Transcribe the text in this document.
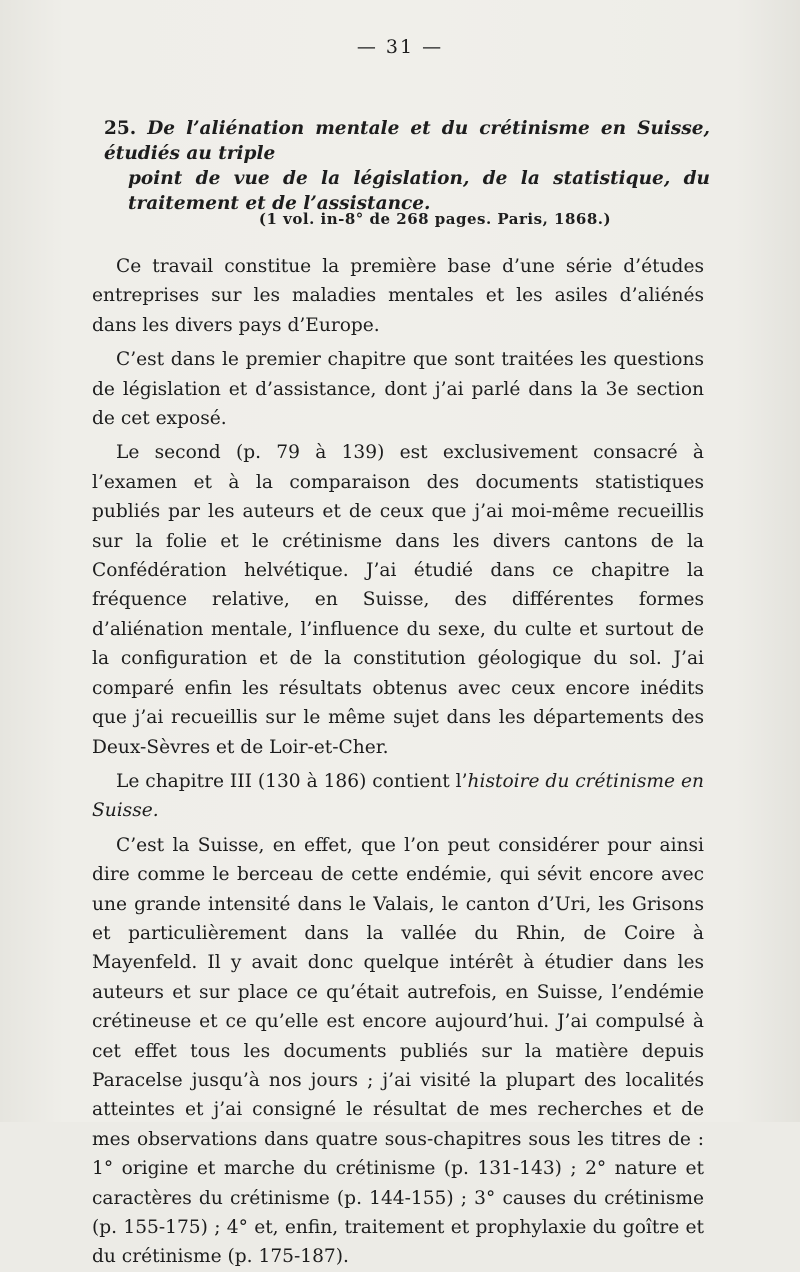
— 31 —
25. De l’aliénation mentale et du crétinisme en Suisse, étudiés au triple
point de vue de la législation, de la statistique, du traitement et de l’assistance.
(1 vol. in-8° de 268 pages. Paris, 1868.)

Ce travail constitue la première base d’une série d’études entreprises sur les maladies mentales et les asiles d’aliénés dans les divers pays d’Europe.

C’est dans le premier chapitre que sont traitées les questions de législation et d’assistance, dont j’ai parlé dans la 3e section de cet exposé.

Le second (p. 79 à 139) est exclusivement consacré à l’examen et à la comparaison des documents statistiques publiés par les auteurs et de ceux que j’ai moi-même recueillis sur la folie et le crétinisme dans les divers cantons de la Confédération helvétique. J’ai étudié dans ce chapitre la fréquence relative, en Suisse, des différentes formes d’aliénation mentale, l’influence du sexe, du culte et surtout de la configuration et de la constitution géologique du sol. J’ai comparé enfin les résultats obtenus avec ceux encore inédits que j’ai recueillis sur le même sujet dans les départements des Deux-Sèvres et de Loir-et-Cher.

Le chapitre III (130 à 186) contient l’histoire du crétinisme en Suisse.

C’est la Suisse, en effet, que l’on peut considérer pour ainsi dire comme le berceau de cette endémie, qui sévit encore avec une grande intensité dans le Valais, le canton d’Uri, les Grisons et particulièrement dans la vallée du Rhin, de Coire à Mayenfeld. Il y avait donc quelque intérêt à étudier dans les auteurs et sur place ce qu’était autrefois, en Suisse, l’endémie crétineuse et ce qu’elle est encore aujourd’hui. J’ai compulsé à cet effet tous les documents publiés sur la matière depuis Paracelse jusqu’à nos jours ; j’ai visité la plupart des localités atteintes et j’ai consigné le résultat de mes recherches et de mes observations dans quatre sous-chapitres sous les titres de : 1° origine et marche du crétinisme (p. 131-143) ; 2° nature et caractères du crétinisme (p. 144-155) ; 3° causes du crétinisme (p. 155-175) ; 4° et, enfin, traitement et prophylaxie du goître et du crétinisme (p. 175-187).
